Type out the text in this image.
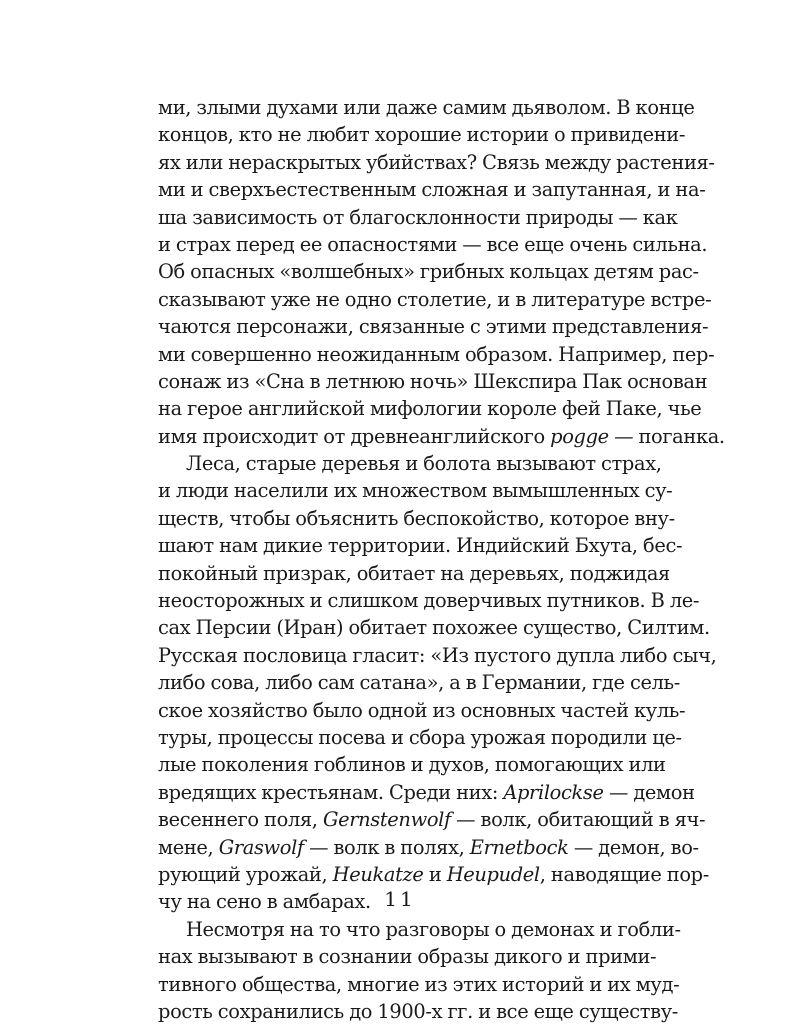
ми, злыми духами или даже самим дьяволом. В конце
концов, кто не любит хорошие истории о привидени-
ях или нераскрытых убийствах? Связь между растения-
ми и сверхъестественным сложная и запутанная, и на-
ша зависимость от благосклонности природы — как
и страх перед ее опасностями — все еще очень сильна.
Об опасных «волшебных» грибных кольцах детям рас-
сказывают уже не одно столетие, и в литературе встре-
чаются персонажи, связанные с этими представления-
ми совершенно неожиданным образом. Например, пер-
сонаж из «Сна в летнюю ночь» Шекспира Пак основан
на герое английской мифологии короле фей Паке, чье
имя происходит от древнеанглийского pogge — поганка.
Леса, старые деревья и болота вызывают страх,
и люди населили их множеством вымышленных су-
ществ, чтобы объяснить беспокойство, которое вну-
шают нам дикие территории. Индийский Бхута, бес-
покойный призрак, обитает на деревьях, поджидая
неосторожных и слишком доверчивых путников. В ле-
сах Персии (Иран) обитает похожее существо, Силтим.
Русская пословица гласит: «Из пустого дупла либо сыч,
либо сова, либо сам сатана», а в Германии, где сель-
ское хозяйство было одной из основных частей куль-
туры, процессы посева и сбора урожая породили це-
лые поколения гоблинов и духов, помогающих или
вредящих крестьянам. Среди них: Aprilockse — демон
весеннего поля, Gernstenwolf — волк, обитающий в яч-
мене, Graswolf — волк в полях, Ernetbock — демон, во-
рующий урожай, Heukatze и Heupudel, наводящие пор-
чу на сено в амбарах.
Несмотря на то что разговоры о демонах и гобли-
нах вызывают в сознании образы дикого и прими-
тивного общества, многие из этих историй и их муд-
рость сохранились до 1900-х гг. и все еще существу-
11
